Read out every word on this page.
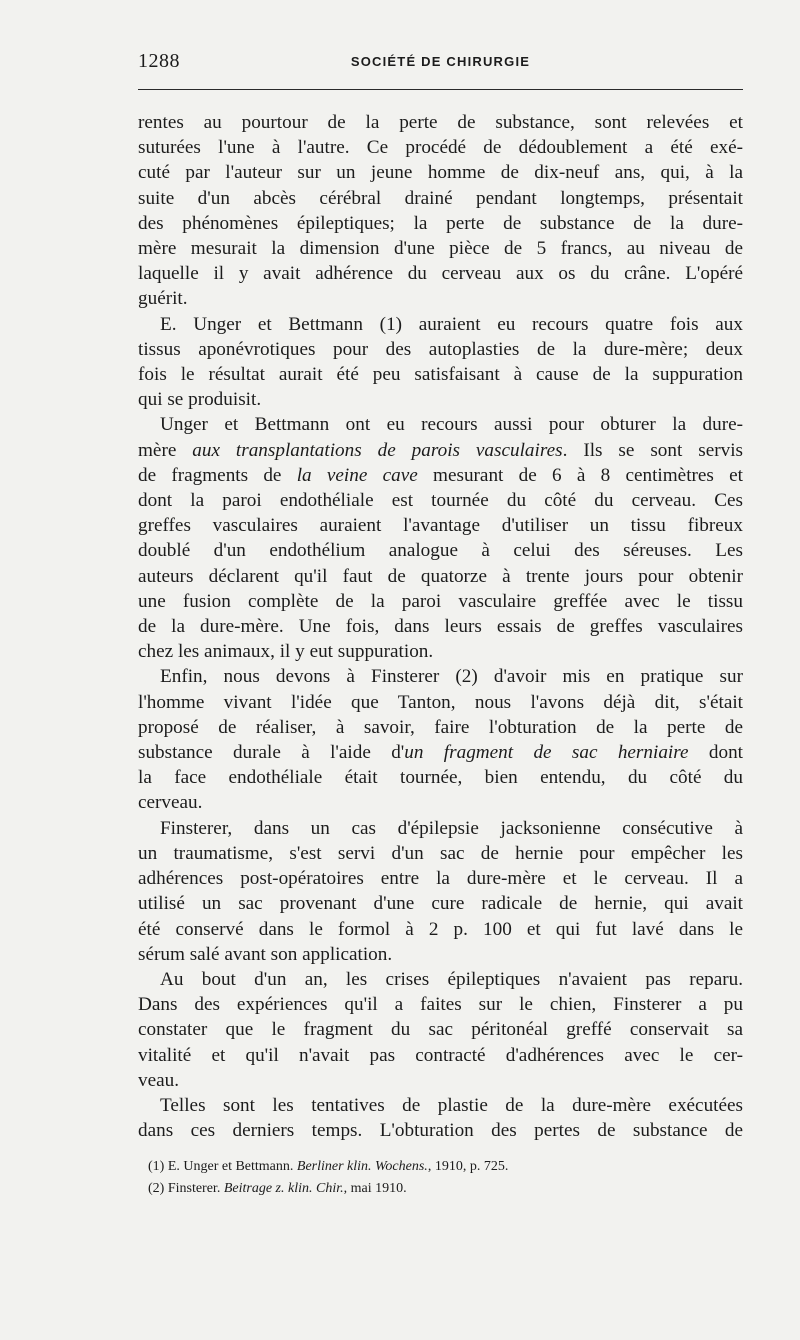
1288	SOCIÉTÉ DE CHIRURGIE
rentes au pourtour de la perte de substance, sont relevées et
suturées l'une à l'autre. Ce procédé de dédoublement a été exé-
cuté par l'auteur sur un jeune homme de dix-neuf ans, qui, à la
suite d'un abcès cérébral drainé pendant longtemps, présentait
des phénomènes épileptiques; la perte de substance de la dure-
mère mesurait la dimension d'une pièce de 5 francs, au niveau de
laquelle il y avait adhérence du cerveau aux os du crâne. L'opéré
guérit.
E. Unger et Bettmann (1) auraient eu recours quatre fois aux
tissus aponévrotiques pour des autoplasties de la dure-mère; deux
fois le résultat aurait été peu satisfaisant à cause de la suppuration
qui se produisit.
Unger et Bettmann ont eu recours aussi pour obturer la dure-
mère aux transplantations de parois vasculaires. Ils se sont servis
de fragments de la veine cave mesurant de 6 à 8 centimètres et
dont la paroi endothéliale est tournée du côté du cerveau. Ces
greffes vasculaires auraient l'avantage d'utiliser un tissu fibreux
doublé d'un endothélium analogue à celui des séreuses. Les
auteurs déclarent qu'il faut de quatorze à trente jours pour obtenir
une fusion complète de la paroi vasculaire greffée avec le tissu
de la dure-mère. Une fois, dans leurs essais de greffes vasculaires
chez les animaux, il y eut suppuration.
Enfin, nous devons à Finsterer (2) d'avoir mis en pratique sur
l'homme vivant l'idée que Tanton, nous l'avons déjà dit, s'était
proposé de réaliser, à savoir, faire l'obturation de la perte de
substance durale à l'aide d'un fragment de sac herniaire dont
la face endothéliale était tournée, bien entendu, du côté du
cerveau.
Finsterer, dans un cas d'épilepsie jacksonienne consécutive à
un traumatisme, s'est servi d'un sac de hernie pour empêcher les
adhérences post-opératoires entre la dure-mère et le cerveau. Il a
utilisé un sac provenant d'une cure radicale de hernie, qui avait
été conservé dans le formol à 2 p. 100 et qui fut lavé dans le
sérum salé avant son application.
Au bout d'un an, les crises épileptiques n'avaient pas reparu.
Dans des expériences qu'il a faites sur le chien, Finsterer a pu
constater que le fragment du sac péritonéal greffé conservait sa
vitalité et qu'il n'avait pas contracté d'adhérences avec le cer-
veau.
Telles sont les tentatives de plastie de la dure-mère exécutées
dans ces derniers temps. L'obturation des pertes de substance de
(1) E. Unger et Bettmann. Berliner klin. Wochens., 1910, p. 725.
(2) Finsterer. Beitrage z. klin. Chir., mai 1910.
